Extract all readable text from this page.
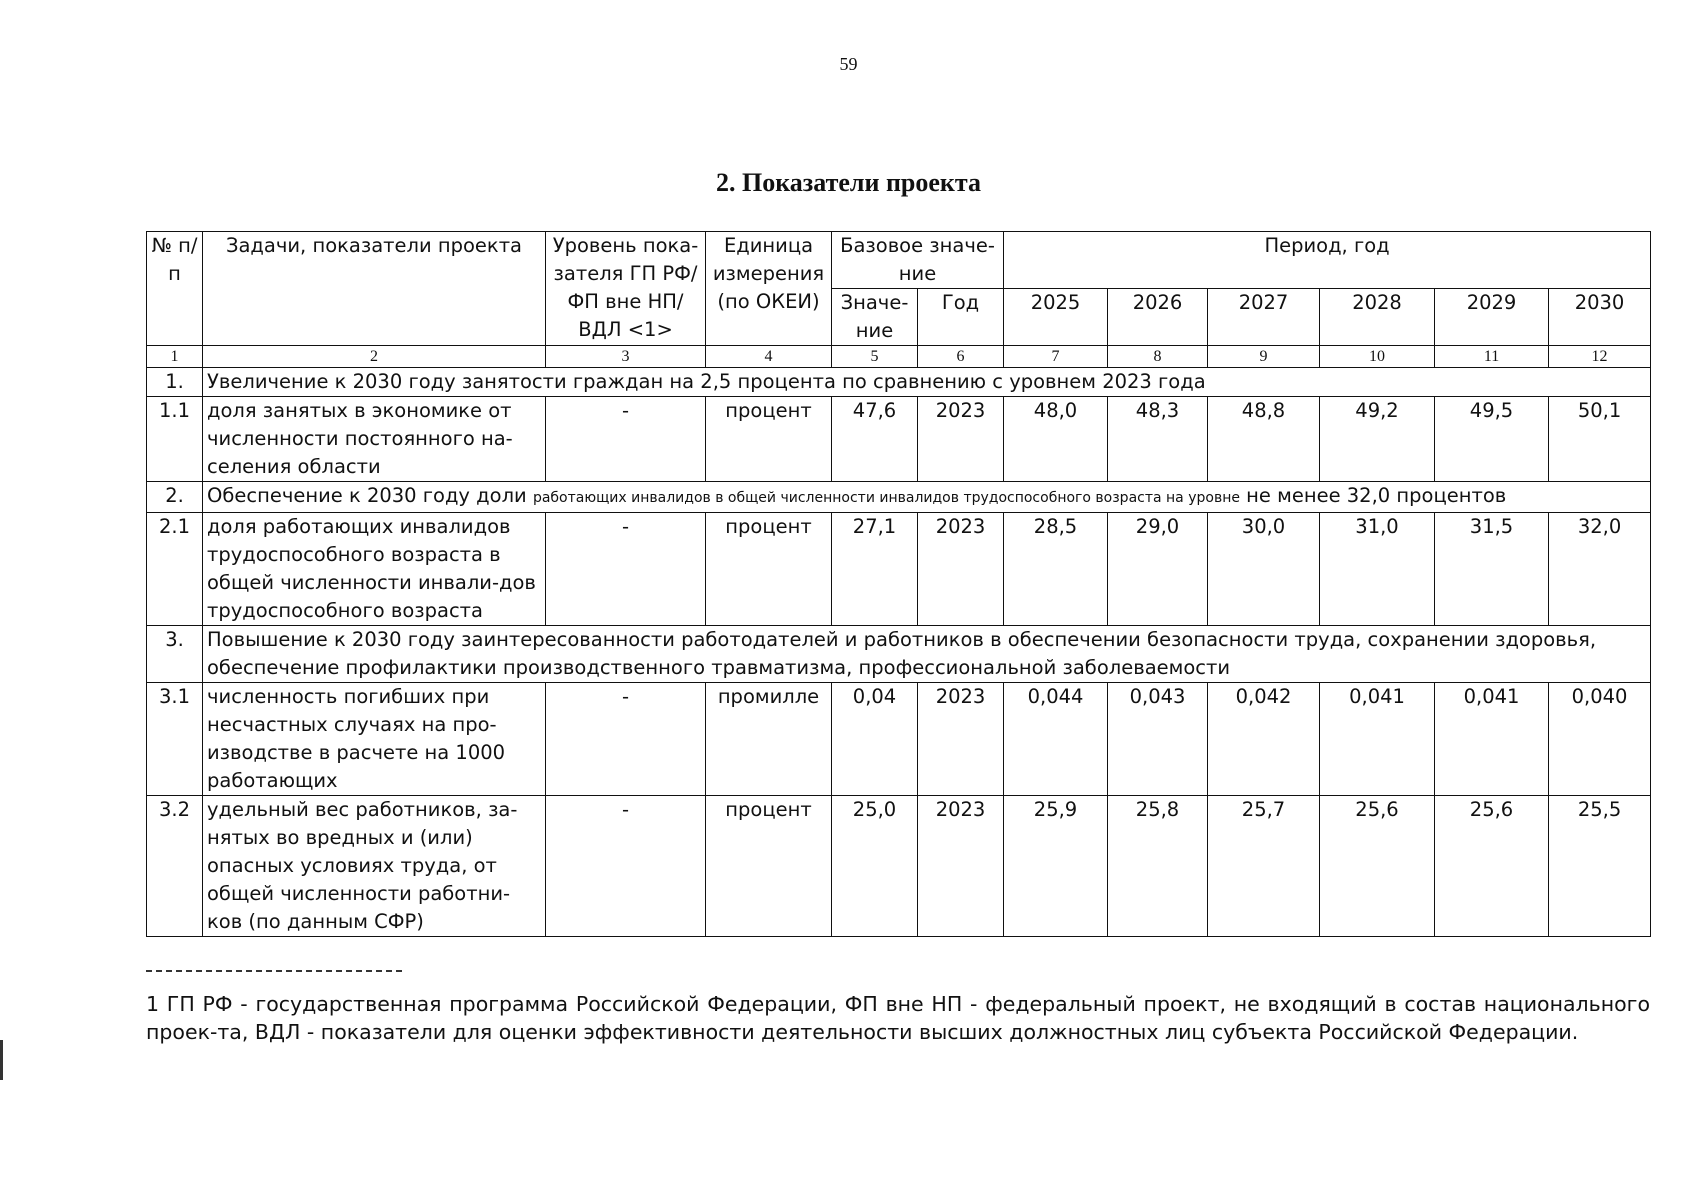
59
2. Показатели проекта
№ п/п	Задачи, показатели проекта	Уровень пока-зателя ГП РФ/ФП вне НП/ВДЛ <1>	Единица измерения (по ОКЕИ)	Базовое значе-ние		Период, год					
				Значе-ние	Год	2025	2026	2027	2028	2029	2030

1	2	3	4	5	6	7	8	9	10	11	12
1.	Увеличение к 2030 году занятости граждан на 2,5 процента по сравнению с уровнем 2023 года										
1.1	доля занятых в экономике от численности постоянного на-селения области	-	процент	47,6	2023	48,0	48,3	48,8	49,2	49,5	50,1
2.	Обеспечение к 2030 году доли работающих инвалидов в общей численности инвалидов трудоспособного возраста на уровне не менее 32,0 процентов										
2.1	доля работающих инвалидов трудоспособного возраста в общей численности инвали-дов трудоспособного возраста	-	процент	27,1	2023	28,5	29,0	30,0	31,0	31,5	32,0
3.	Повышение к 2030 году заинтересованности работодателей и работников в обеспечении безопасности труда, сохранении здоровья, обеспечение профилактики производственного травматизма, профессиональной заболеваемости										
3.1	численность погибших при несчастных случаях на про-изводстве в расчете на 1000 работающих	-	промилле	0,04	2023	0,044	0,043	0,042	0,041	0,041	0,040
3.2	удельный вес работников, за-нятых во вредных и (или) опасных условиях труда, от общей численности работни-ков (по данным СФР)	-	процент	25,0	2023	25,9	25,8	25,7	25,6	25,6	25,5
1 ГП РФ - государственная программа Российской Федерации, ФП вне НП - федеральный проект, не входящий в состав национального проек-та, ВДЛ - показатели для оценки эффективности деятельности высших должностных лиц субъекта Российской Федерации.
